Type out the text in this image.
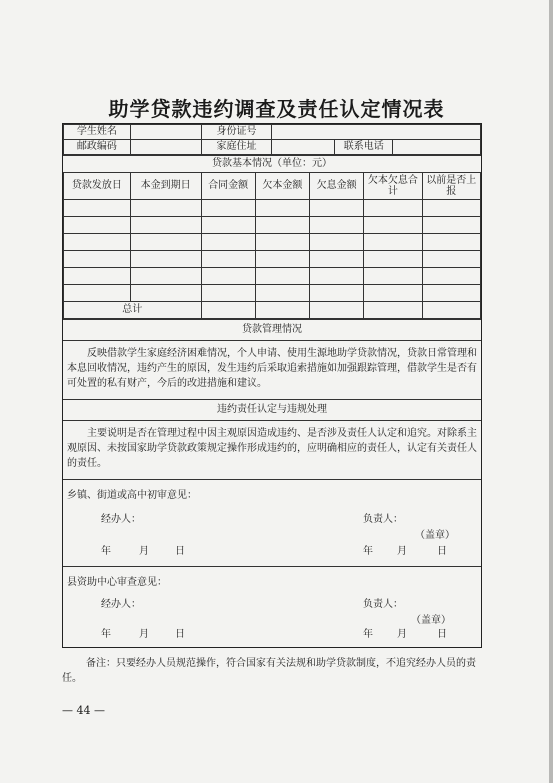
助学贷款违约调查及责任认定情况表
学生姓名		身份证号			
邮政编码		家庭住址		联系电话	
贷款基本情况（单位：元）
贷款发放日	本金到期日	合同金额	欠本金额	欠息金额	欠本欠息合计	以前是否上报

总计						
贷款管理情况
反映借款学生家庭经济困难情况，个人申请、使用生源地助学贷款情况，贷款日常管理和本息回收情况，违约产生的原因，发生违约后采取追索措施如加强跟踪管理，借款学生是否有可处置的私有财产，今后的改进措施和建议。
违约责任认定与违规处理
主要说明是否在管理过程中因主观原因造成违约、是否涉及责任人认定和追究。对除系主观原因、未按国家助学贷款政策规定操作形成违约的，应明确相应的责任人，认定有关责任人的责任。
乡镇、街道或高中初审意见：
经办人：	负责人：
（盖章）
年	月	日	年 月	日
县资助中心审查意见：
经办人：	负责人：
（盖章）
年	月	日	年 月	日
备注：只要经办人员规范操作，符合国家有关法规和助学贷款制度，不追究经办人员的责任。
— 44 —
